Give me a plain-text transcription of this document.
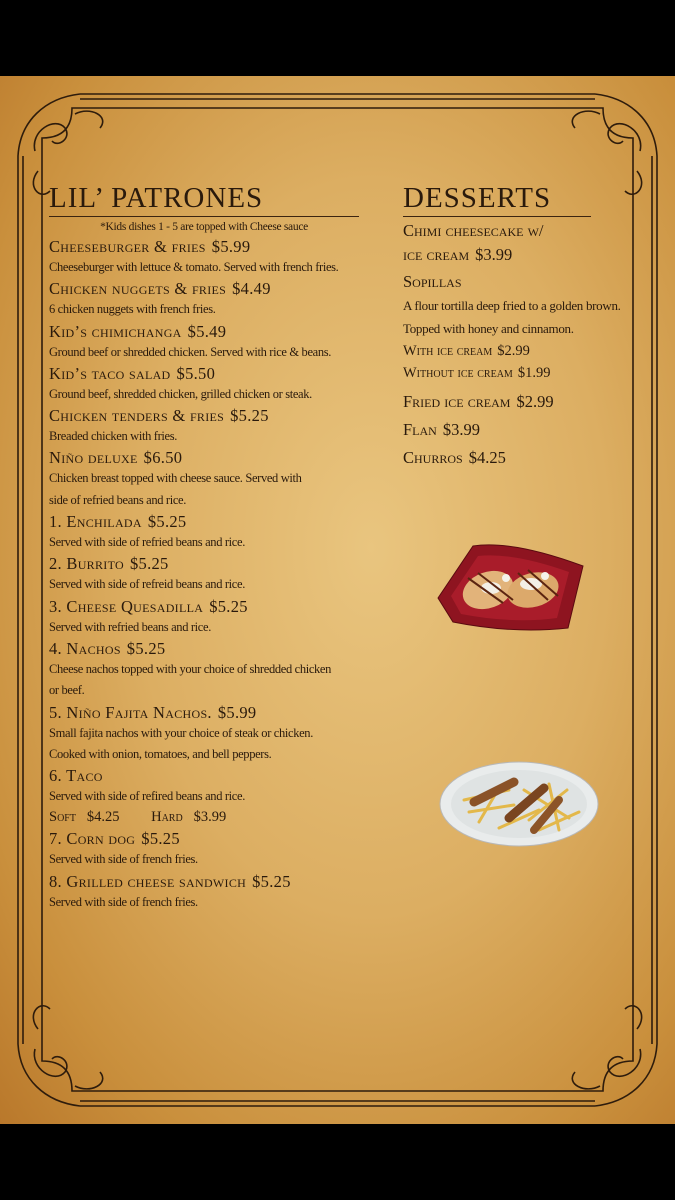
LIL’ PATRONES
*Kids dishes 1 - 5 are topped with Cheese sauce
Cheeseburger & fries $5.99
Cheeseburger with lettuce & tomato. Served with french fries.
Chicken nuggets & fries $4.49
6 chicken nuggets with french fries.
Kid’s chimichanga $5.49
Ground beef or shredded chicken. Served with rice & beans.
Kid’s taco salad $5.50
Ground beef, shredded chicken, grilled chicken or steak.
Chicken tenders & fries $5.25
Breaded chicken with fries.
Niño deluxe $6.50
Chicken breast topped with cheese sauce. Served with
side of refried beans and rice.
1. Enchilada $5.25
Served with side of refried beans and rice.
2. Burrito $5.25
Served with side of refreid beans and rice.
3. Cheese Quesadilla $5.25
Served with refried beans and rice.
4. Nachos $5.25
Cheese nachos topped with your choice of shredded chicken
or beef.
5. Niño Fajita Nachos. $5.99
Small fajita nachos with your choice of steak or chicken.
Cooked with onion, tomatoes, and bell peppers.
6. Taco
Served with side of refired beans and rice.
Soft $4.25 Hard $3.99
7. Corn dog $5.25
Served with side of french fries.
8. Grilled cheese sandwich $5.25
Served with side of french fries.
DESSERTS
Chimi cheesecake w/
ice cream $3.99
Sopillas
A flour tortilla deep fried to a golden brown.
Topped with honey and cinnamon.
With ice cream $2.99
Without ice cream $1.99
Fried ice cream $2.99
Flan $3.99
Churros $4.25
